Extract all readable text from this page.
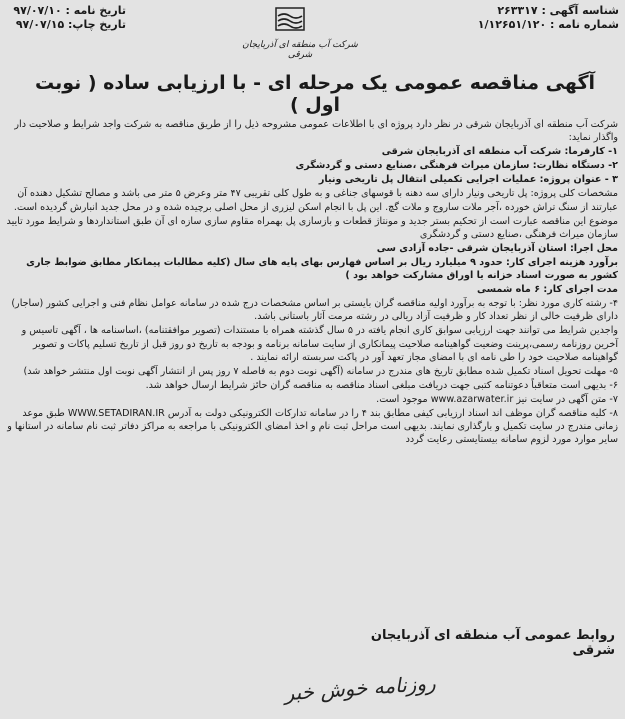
تاریخ نامه : ۹۷/۰۷/۱۰
تاریخ چاپ: ۹۷/۰۷/۱۵
شناسه آگهی : ۲۶۳۳۱۷
شماره نامه : ۱/۱۲۶۵۱/۱۲۰
شرکت آب منطقه ای آذربایجان شرقی
آگهی مناقصه عمومی یک مرحله ای - با ارزیابی ساده ( نوبت اول )

شرکت آب منطقه ای آذربایجان شرقی در نظر دارد پروژه ای با اطلاعات عمومی مشروحه ذیل را از طریق مناقصه به شرکت واجد شرایط و صلاحیت دار واگذار نماید:

۱- کارفرما: شرکت آب منطقه ای آذربایجان شرقی

۲- دستگاه نظارت: سازمان میراث فرهنگی ،صنایع دستی و گردشگری

۳ - عنوان پروژه: عملیات اجرایی تکمیلی انتقال پل تاریخی ونیار

مشخصات کلی پروژه: پل تاریخی ونیار دارای سه دهنه با قوسهای جناغی و به طول کلی تقریبی ۴۷ متر وعرض ۵ متر می باشد و مصالح تشکیل دهنده آن عبارتند از سنگ تراش خورده ،آجر ملات ساروج و ملات گچ. این پل با انجام اسکن لیزری از محل اصلی برچیده شده و در محل جدید انبارش گردیده است.

موضوع این مناقصه عبارت است از تحکیم بستر جدید و مونتاژ قطعات و بازسازی پل بهمراه مقاوم سازی سازه ای آن طبق استانداردها و شرایط مورد تایید سازمان میراث فرهنگی ،صنایع دستی و گردشگری

محل اجرا: استان آذربایجان شرقی -جاده آزادی سی

برآورد هزینه اجرای کار: حدود ۹ میلیارد ریال بر اساس فهارس بهای پایه های سال (کلیه مطالبات پیمانکار مطابق ضوابط جاری کشور به صورت اسناد خزانه یا اوراق مشارکت خواهد بود )

مدت اجرای کار: ۶ ماه شمسی

۴- رشته کاری مورد نظر: با توجه به برآورد اولیه مناقصه گران بایستی بر اساس مشخصات درج شده در سامانه عوامل نظام فنی و اجرایی کشور (ساجار) دارای ظرفیت خالی از نظر تعداد کار و ظرفیت آزاد ریالی در رشته مرمت آثار باستانی باشد.

واجدین شرایط می توانند جهت ارزیابی سوابق کاری انجام یافته در ۵ سال گذشته همراه با مستندات (تصویر موافقتنامه) ،اساسنامه ها ، آگهی تاسیس و آخرین روزنامه رسمی،پرینت وضعیت گواهینامه صلاحیت پیمانکاری از سایت سامانه برنامه و بودجه به تاریخ دو روز قبل از تاریخ تسلیم پاکات و تصویر گواهینامه صلاحیت خود را طی نامه ای با امضای مجاز تعهد آور در پاکت سربسته ارائه نمایند .

۵- مهلت تحویل اسناد تکمیل شده مطابق تاریخ های مندرج در سامانه (آگهی نوبت دوم به فاصله ۷ روز پس از انتشار آگهی نوبت اول منتشر خواهد شد)

۶- بدیهی است متعاقباً دعوتنامه کتبی جهت دریافت مبلغی اسناد مناقصه به مناقصه گران حائز شرایط ارسال خواهد شد.

۷- متن آگهی در سایت نیز www.azarwater.ir موجود است.

۸- کلیه مناقصه گران موظف اند اسناد ارزیابی کیفی مطابق بند ۴ را در سامانه تدارکات الکترونیکی دولت به آدرس WWW.SETADIRAN.IR طبق موعد زمانی مندرج در سایت تکمیل و بارگذاری نمایند. بدیهی است مراحل ثبت نام و اخذ امضای الکترونیکی با مراجعه به مراکز دفاتر ثبت نام سامانه در استانها و سایر موارد مورد لزوم سامانه بیستایستی رعایت گردد

روابط عمومی آب منطقه ای آذربایجان شرقی
روزنامه خوش خبر
